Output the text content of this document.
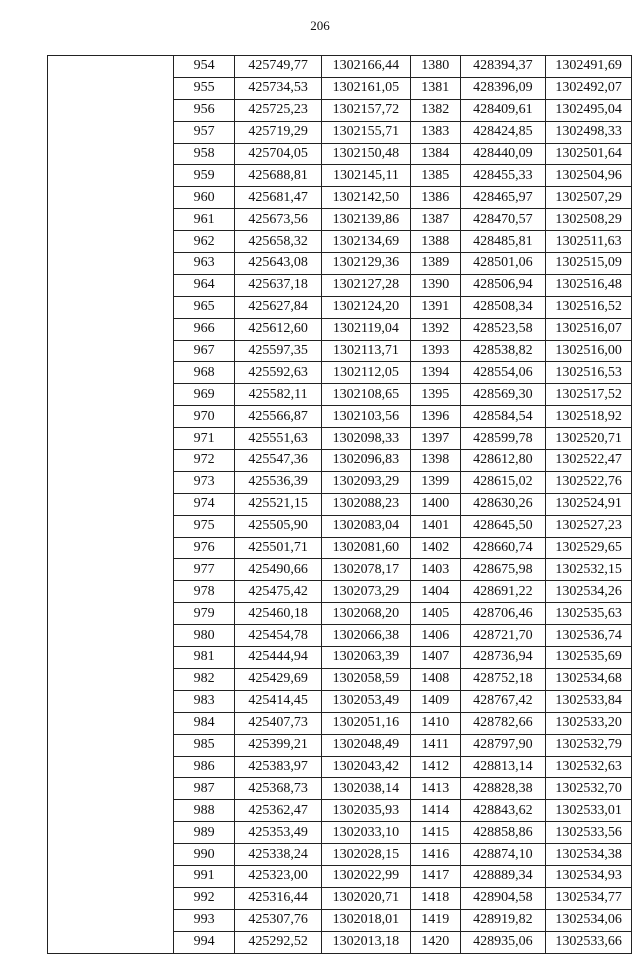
206
	954	425749,77	1302166,44	1380	428394,37	1302491,69
	955	425734,53	1302161,05	1381	428396,09	1302492,07
	956	425725,23	1302157,72	1382	428409,61	1302495,04
	957	425719,29	1302155,71	1383	428424,85	1302498,33
	958	425704,05	1302150,48	1384	428440,09	1302501,64
	959	425688,81	1302145,11	1385	428455,33	1302504,96
	960	425681,47	1302142,50	1386	428465,97	1302507,29
	961	425673,56	1302139,86	1387	428470,57	1302508,29
	962	425658,32	1302134,69	1388	428485,81	1302511,63
	963	425643,08	1302129,36	1389	428501,06	1302515,09
	964	425637,18	1302127,28	1390	428506,94	1302516,48
	965	425627,84	1302124,20	1391	428508,34	1302516,52
	966	425612,60	1302119,04	1392	428523,58	1302516,07
	967	425597,35	1302113,71	1393	428538,82	1302516,00
	968	425592,63	1302112,05	1394	428554,06	1302516,53
	969	425582,11	1302108,65	1395	428569,30	1302517,52
	970	425566,87	1302103,56	1396	428584,54	1302518,92
	971	425551,63	1302098,33	1397	428599,78	1302520,71
	972	425547,36	1302096,83	1398	428612,80	1302522,47
	973	425536,39	1302093,29	1399	428615,02	1302522,76
	974	425521,15	1302088,23	1400	428630,26	1302524,91
	975	425505,90	1302083,04	1401	428645,50	1302527,23
	976	425501,71	1302081,60	1402	428660,74	1302529,65
	977	425490,66	1302078,17	1403	428675,98	1302532,15
	978	425475,42	1302073,29	1404	428691,22	1302534,26
	979	425460,18	1302068,20	1405	428706,46	1302535,63
	980	425454,78	1302066,38	1406	428721,70	1302536,74
	981	425444,94	1302063,39	1407	428736,94	1302535,69
	982	425429,69	1302058,59	1408	428752,18	1302534,68
	983	425414,45	1302053,49	1409	428767,42	1302533,84
	984	425407,73	1302051,16	1410	428782,66	1302533,20
	985	425399,21	1302048,49	1411	428797,90	1302532,79
	986	425383,97	1302043,42	1412	428813,14	1302532,63
	987	425368,73	1302038,14	1413	428828,38	1302532,70
	988	425362,47	1302035,93	1414	428843,62	1302533,01
	989	425353,49	1302033,10	1415	428858,86	1302533,56
	990	425338,24	1302028,15	1416	428874,10	1302534,38
	991	425323,00	1302022,99	1417	428889,34	1302534,93
	992	425316,44	1302020,71	1418	428904,58	1302534,77
	993	425307,76	1302018,01	1419	428919,82	1302534,06
	994	425292,52	1302013,18	1420	428935,06	1302533,66
